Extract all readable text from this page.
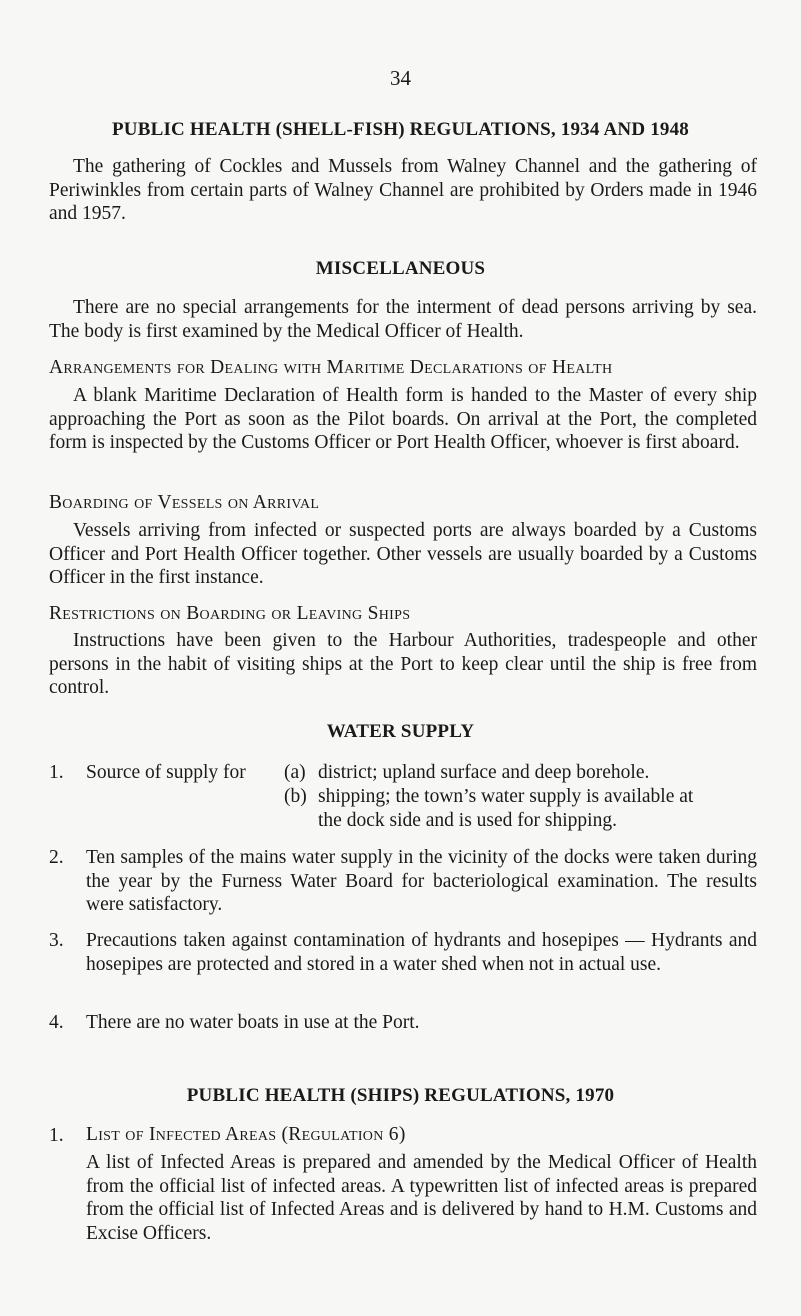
34
PUBLIC HEALTH (SHELL-FISH) REGULATIONS, 1934 AND 1948
The gathering of Cockles and Mussels from Walney Channel and the gathering of Periwinkles from certain parts of Walney Channel are prohibited by Orders made in 1946 and 1957.
MISCELLANEOUS
There are no special arrangements for the interment of dead persons arriving by sea. The body is first examined by the Medical Officer of Health.
Arrangements for Dealing with Maritime Declarations of Health
A blank Maritime Declaration of Health form is handed to the Master of every ship approaching the Port as soon as the Pilot boards. On arrival at the Port, the completed form is inspected by the Customs Officer or Port Health Officer, whoever is first aboard.
Boarding of Vessels on Arrival
Vessels arriving from infected or suspected ports are always boarded by a Customs Officer and Port Health Officer together. Other vessels are usually boarded by a Customs Officer in the first instance.
Restrictions on Boarding or Leaving Ships
Instructions have been given to the Harbour Authorities, tradespeople and other persons in the habit of visiting ships at the Port to keep clear until the ship is free from control.
WATER SUPPLY
1. Source of supply for (a) district; upland surface and deep borehole.
(b) shipping; the town’s water supply is available at
the dock side and is used for shipping.
2. Ten samples of the mains water supply in the vicinity of the docks were taken during the year by the Furness Water Board for bacteriological examination. The results were satisfactory.
3. Precautions taken against contamination of hydrants and hosepipes — Hydrants and hosepipes are protected and stored in a water shed when not in actual use.
4. There are no water boats in use at the Port.
PUBLIC HEALTH (SHIPS) REGULATIONS, 1970
1. List of Infected Areas (Regulation 6)
A list of Infected Areas is prepared and amended by the Medical Officer of Health from the official list of infected areas. A typewritten list of infected areas is prepared from the official list of Infected Areas and is delivered by hand to H.M. Customs and Excise Officers.
